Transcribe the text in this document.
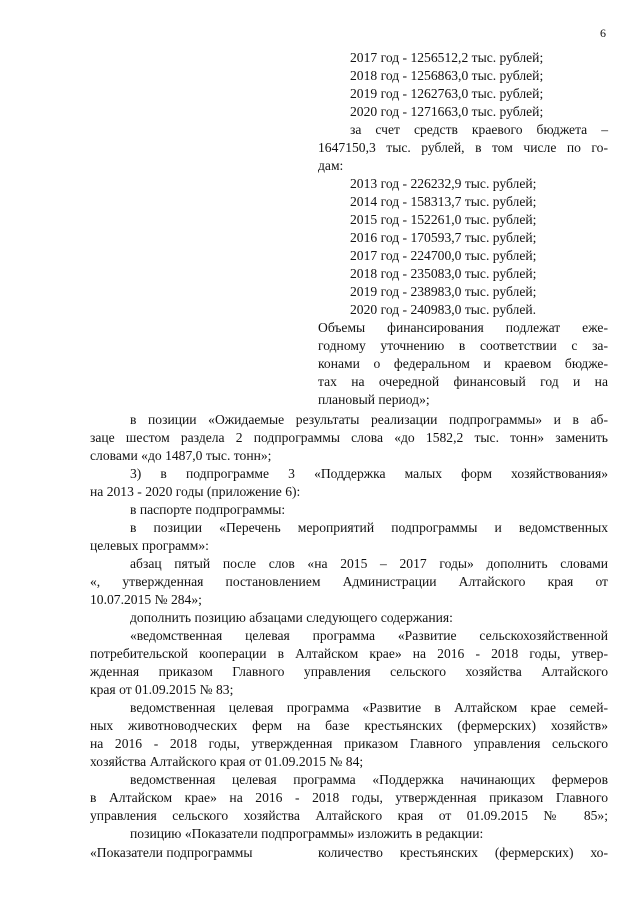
6
2017 год - 1256512,2 тыс. рублей;
2018 год - 1256863,0 тыс. рублей;
2019 год - 1262763,0 тыс. рублей;
2020 год - 1271663,0 тыс. рублей;
за счет средств краевого бюджета –
1647150,3 тыс. рублей, в том числе по го-
дам:
2013 год - 226232,9 тыс. рублей;
2014 год - 158313,7 тыс. рублей;
2015 год - 152261,0 тыс. рублей;
2016 год - 170593,7 тыс. рублей;
2017 год - 224700,0 тыс. рублей;
2018 год - 235083,0 тыс. рублей;
2019 год - 238983,0 тыс. рублей;
2020 год - 240983,0 тыс. рублей.
Объемы финансирования подлежат еже-
годному уточнению в соответствии с за-
конами о федеральном и краевом бюдже-
тах на очередной финансовый год и на
плановый период»;
в позиции «Ожидаемые результаты реализации подпрограммы» и в аб-
заце шестом раздела 2 подпрограммы слова «до 1582,2 тыс. тонн» заменить
словами «до 1487,0 тыс. тонн»;
3) в подпрограмме 3 «Поддержка малых форм хозяйствования»
на 2013 - 2020 годы (приложение 6):
в паспорте подпрограммы:
в позиции «Перечень мероприятий подпрограммы и ведомственных
целевых программ»:
абзац пятый после слов «на 2015 – 2017 годы» дополнить словами
«, утвержденная постановлением Администрации Алтайского края от
10.07.2015 № 284»;
дополнить позицию абзацами следующего содержания:
«ведомственная целевая программа «Развитие сельскохозяйственной
потребительской кооперации в Алтайском крае» на 2016 - 2018 годы, утвер-
жденная приказом Главного управления сельского хозяйства Алтайского
края от 01.09.2015 № 83;
ведомственная целевая программа «Развитие в Алтайском крае семей-
ных животноводческих ферм на базе крестьянских (фермерских) хозяйств»
на 2016 - 2018 годы, утвержденная приказом Главного управления сельского
хозяйства Алтайского края от 01.09.2015 № 84;
ведомственная целевая программа «Поддержка начинающих фермеров
в Алтайском крае» на 2016 - 2018 годы, утвержденная приказом Главного
управления сельского хозяйства Алтайского края от 01.09.2015 № 85»;
позицию «Показатели подпрограммы» изложить в редакции:
«Показатели подпрограммы	количество крестьянских (фермерских) хо-
